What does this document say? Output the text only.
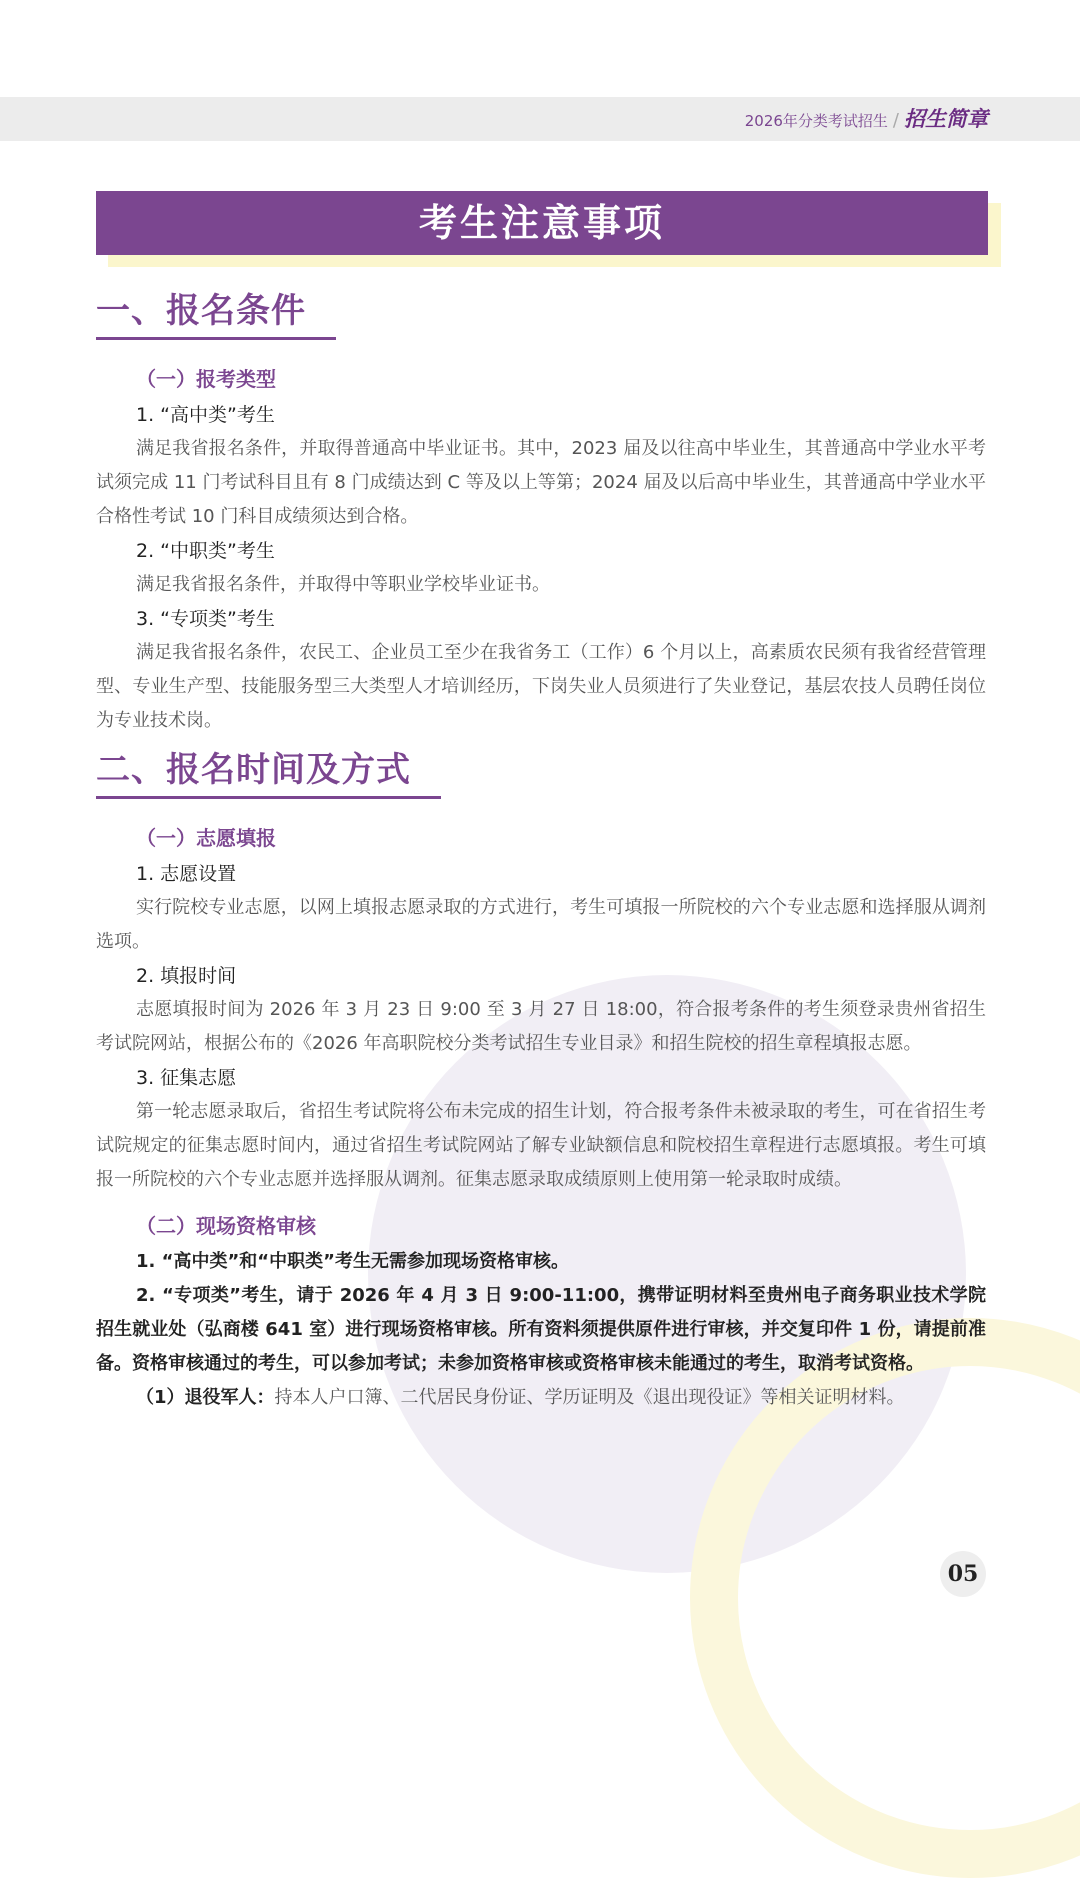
2026年分类考试招生 / 招生简章
考生注意事项
一、报名条件
（一）报考类型
1. “高中类”考生
满足我省报名条件，并取得普通高中毕业证书。其中，2023 届及以往高中毕业生，其普通高中学业水平考试须完成 11 门考试科目且有 8 门成绩达到 C 等及以上等第；2024 届及以后高中毕业生，其普通高中学业水平合格性考试 10 门科目成绩须达到合格。
2. “中职类”考生
满足我省报名条件，并取得中等职业学校毕业证书。
3. “专项类”考生
满足我省报名条件，农民工、企业员工至少在我省务工（工作）6 个月以上，高素质农民须有我省经营管理型、专业生产型、技能服务型三大类型人才培训经历，下岗失业人员须进行了失业登记，基层农技人员聘任岗位为专业技术岗。
二、报名时间及方式
（一）志愿填报
1. 志愿设置
实行院校专业志愿，以网上填报志愿录取的方式进行，考生可填报一所院校的六个专业志愿和选择服从调剂选项。
2. 填报时间
志愿填报时间为 2026 年 3 月 23 日 9:00 至 3 月 27 日 18:00，符合报考条件的考生须登录贵州省招生考试院网站，根据公布的《2026 年高职院校分类考试招生专业目录》和招生院校的招生章程填报志愿。
3. 征集志愿
第一轮志愿录取后，省招生考试院将公布未完成的招生计划，符合报考条件未被录取的考生，可在省招生考试院规定的征集志愿时间内，通过省招生考试院网站了解专业缺额信息和院校招生章程进行志愿填报。考生可填报一所院校的六个专业志愿并选择服从调剂。征集志愿录取成绩原则上使用第一轮录取时成绩。
（二）现场资格审核
1. “高中类”和“中职类”考生无需参加现场资格审核。
2. “专项类”考生，请于 2026 年 4 月 3 日 9:00-11:00，携带证明材料至贵州电子商务职业技术学院招生就业处（弘商楼 641 室）进行现场资格审核。所有资料须提供原件进行审核，并交复印件 1 份，请提前准备。资格审核通过的考生，可以参加考试；未参加资格审核或资格审核未能通过的考生，取消考试资格。
（1）退役军人：持本人户口簿、二代居民身份证、学历证明及《退出现役证》等相关证明材料。
05
